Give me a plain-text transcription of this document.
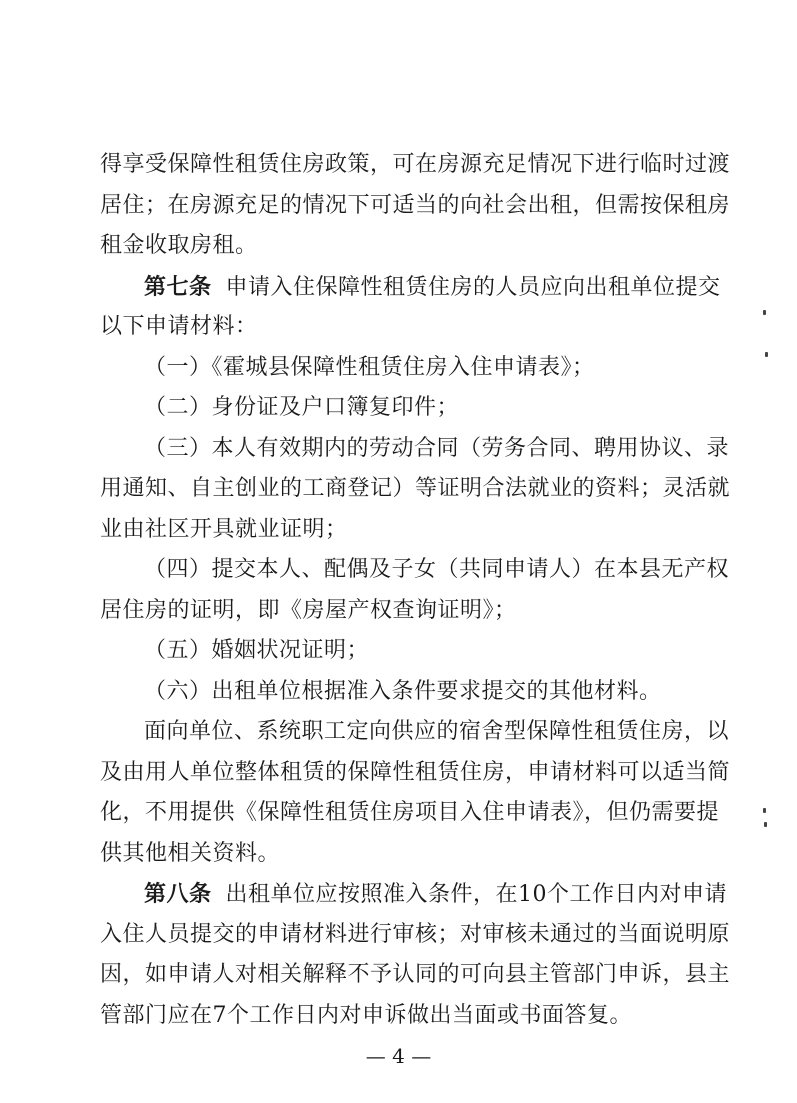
得享受保障性租赁住房政策，可在房源充足情况下进行临时过渡
居住；在房源充足的情况下可适当的向社会出租，但需按保租房
租金收取房租。
第七条 申请入住保障性租赁住房的人员应向出租单位提交
以下申请材料：
（一）《霍城县保障性租赁住房入住申请表》；
（二）身份证及户口簿复印件；
（三）本人有效期内的劳动合同（劳务合同、聘用协议、录
用通知、自主创业的工商登记）等证明合法就业的资料；灵活就
业由社区开具就业证明；
（四）提交本人、配偶及子女（共同申请人）在本县无产权
居住房的证明，即《房屋产权查询证明》；
（五）婚姻状况证明；
（六）出租单位根据准入条件要求提交的其他材料。
面向单位、系统职工定向供应的宿舍型保障性租赁住房，以
及由用人单位整体租赁的保障性租赁住房，申请材料可以适当简
化，不用提供《保障性租赁住房项目入住申请表》，但仍需要提
供其他相关资料。
第八条 出租单位应按照准入条件，在10个工作日内对申请
入住人员提交的申请材料进行审核；对审核未通过的当面说明原
因，如申请人对相关解释不予认同的可向县主管部门申诉，县主
管部门应在7个工作日内对申诉做出当面或书面答复。
— 4 —
